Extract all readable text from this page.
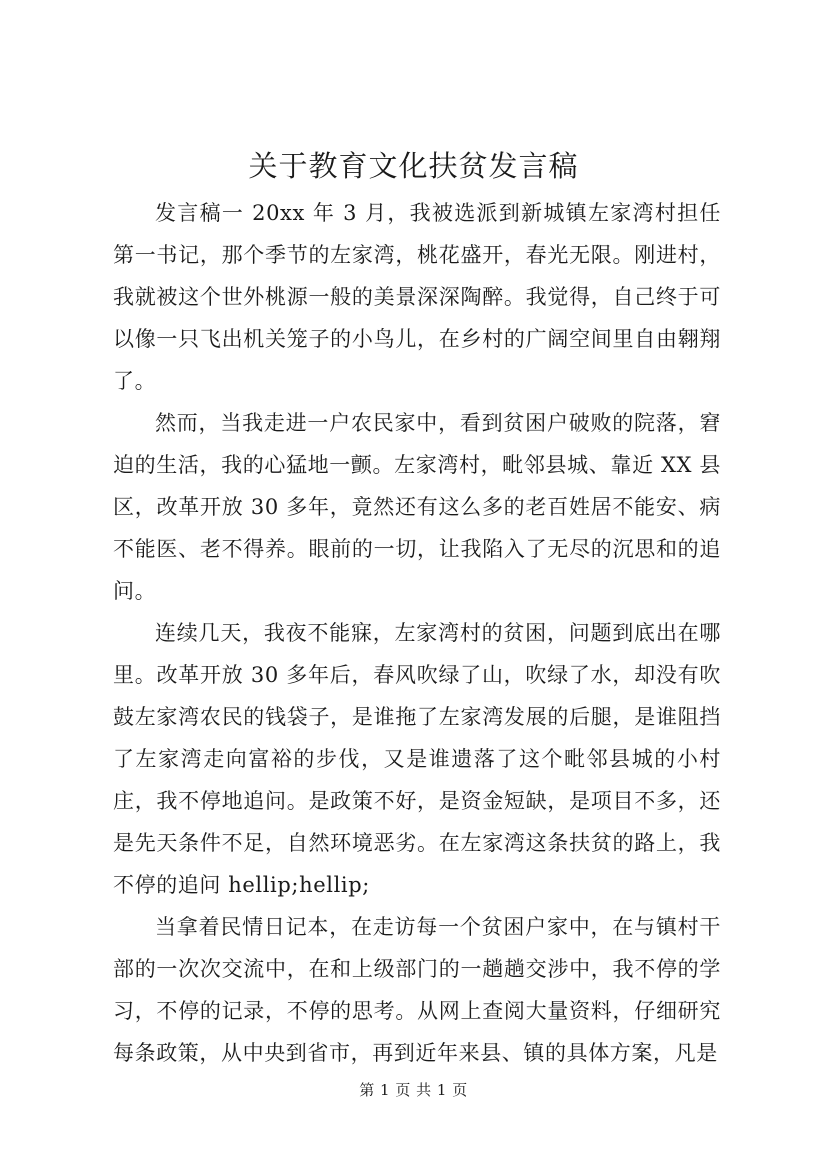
关于教育文化扶贫发言稿

发言稿一 20xx 年 3 月，我被选派到新城镇左家湾村担任第一书记，那个季节的左家湾，桃花盛开，春光无限。刚进村，我就被这个世外桃源一般的美景深深陶醉。我觉得，自己终于可以像一只飞出机关笼子的小鸟儿，在乡村的广阔空间里自由翱翔了。

然而，当我走进一户农民家中，看到贫困户破败的院落，窘迫的生活，我的心猛地一颤。左家湾村，毗邻县城、靠近 XX 县区，改革开放 30 多年，竟然还有这么多的老百姓居不能安、病不能医、老不得养。眼前的一切，让我陷入了无尽的沉思和的追问。

连续几天，我夜不能寐，左家湾村的贫困，问题到底出在哪里。改革开放 30 多年后，春风吹绿了山，吹绿了水，却没有吹鼓左家湾农民的钱袋子，是谁拖了左家湾发展的后腿，是谁阻挡了左家湾走向富裕的步伐，又是谁遗落了这个毗邻县城的小村庄，我不停地追问。是政策不好，是资金短缺，是项目不多，还是先天条件不足，自然环境恶劣。在左家湾这条扶贫的路上，我不停的追问 hellip;hellip;

当拿着民情日记本，在走访每一个贫困户家中，在与镇村干部的一次次交流中，在和上级部门的一趟趟交涉中，我不停的学习，不停的记录，不停的思考。从网上查阅大量资料，仔细研究每条政策，从中央到省市，再到近年来县、镇的具体方案，凡是

第 1 页 共 1 页
